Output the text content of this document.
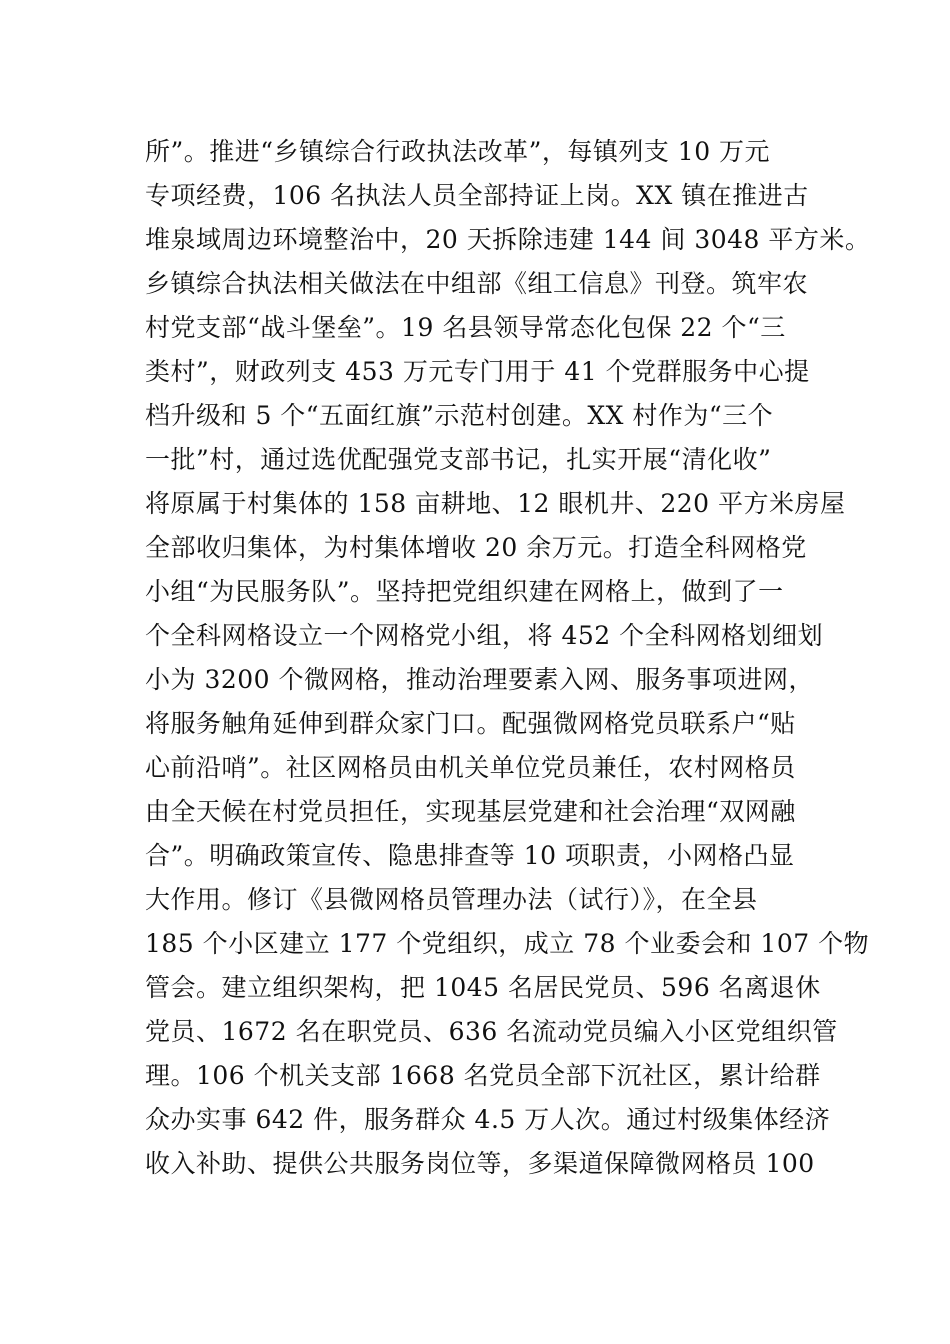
所”。推进“乡镇综合行政执法改革”，每镇列支 10 万元
专项经费，106 名执法人员全部持证上岗。XX 镇在推进古
堆泉域周边环境整治中，20 天拆除违建 144 间 3048 平方米。
乡镇综合执法相关做法在中组部《组工信息》刊登。筑牢农
村党支部“战斗堡垒”。19 名县领导常态化包保 22 个“三
类村”，财政列支 453 万元专门用于 41 个党群服务中心提
档升级和 5 个“五面红旗”示范村创建。XX 村作为“三个
一批”村，通过选优配强党支部书记，扎实开展“清化收”
将原属于村集体的 158 亩耕地、12 眼机井、220 平方米房屋
全部收归集体，为村集体增收 20 余万元。打造全科网格党
小组“为民服务队”。坚持把党组织建在网格上，做到了一
个全科网格设立一个网格党小组，将 452 个全科网格划细划
小为 3200 个微网格，推动治理要素入网、服务事项进网，
将服务触角延伸到群众家门口。配强微网格党员联系户“贴
心前沿哨”。社区网格员由机关单位党员兼任，农村网格员
由全天候在村党员担任，实现基层党建和社会治理“双网融
合”。明确政策宣传、隐患排查等 10 项职责，小网格凸显
大作用。修订《县微网格员管理办法（试行）》，在全县
185 个小区建立 177 个党组织，成立 78 个业委会和 107 个物
管会。建立组织架构，把 1045 名居民党员、596 名离退休
党员、1672 名在职党员、636 名流动党员编入小区党组织管
理。106 个机关支部 1668 名党员全部下沉社区，累计给群
众办实事 642 件，服务群众 4.5 万人次。通过村级集体经济
收入补助、提供公共服务岗位等，多渠道保障微网格员 100
